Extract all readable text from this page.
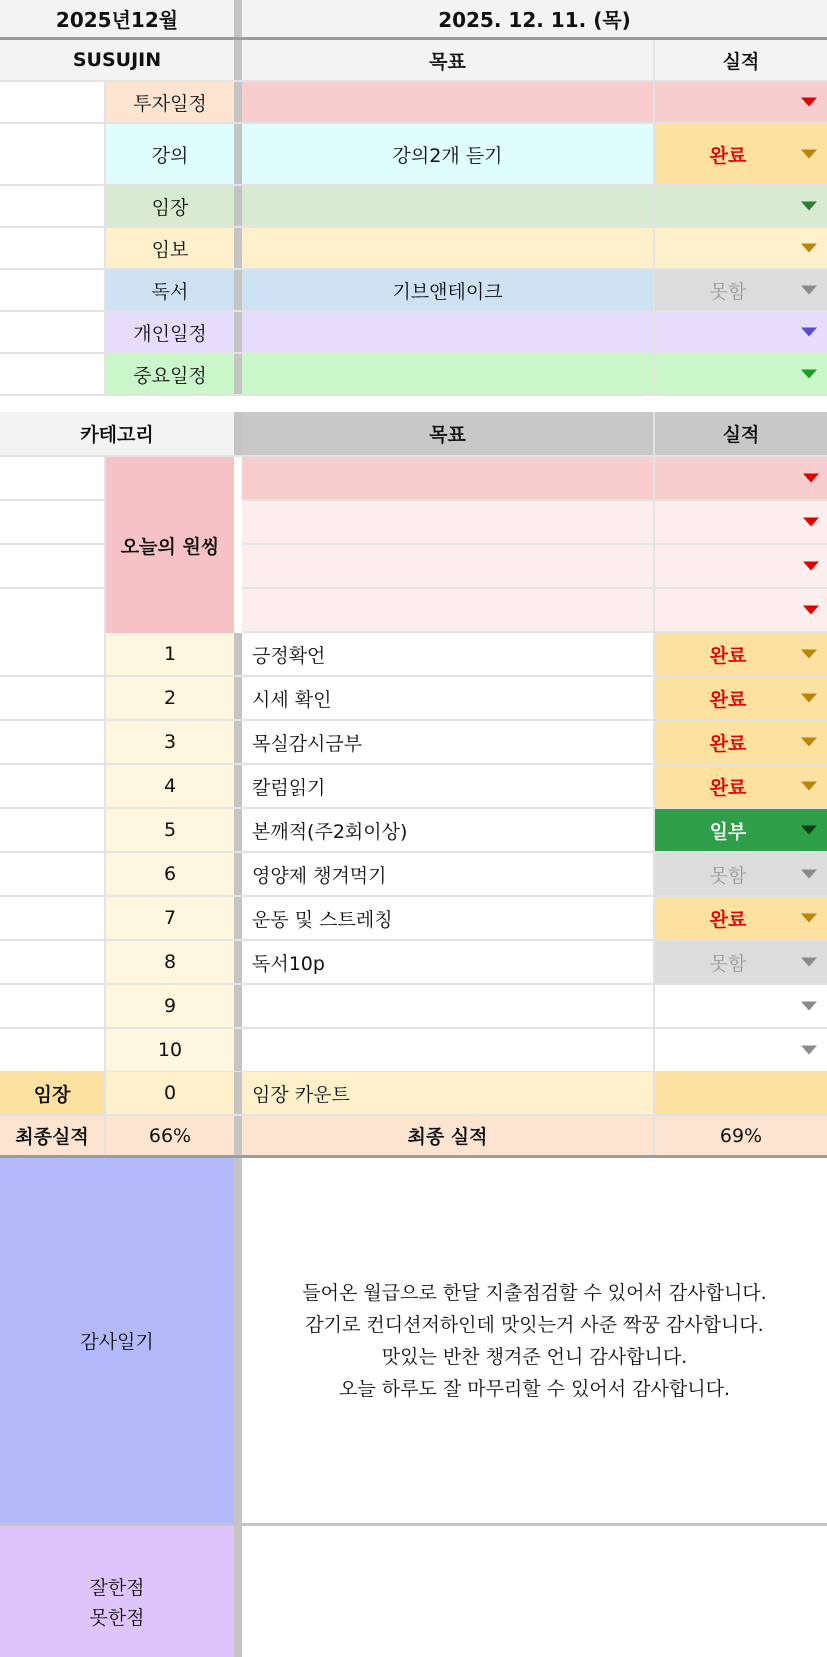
2025년12월	2025. 12. 11. (목)
SUSUJIN	목표	실적
투자일정
강의	강의2개 듣기	완료
임장
임보
독서	기브앤테이크	못함
개인일정
중요일정
카테고리	목표	실적
오늘의 원씽
1	긍정확언	완료
2	시세 확인	완료
3	목실감시금부	완료
4	칼럼읽기	완료
5	본깨적(주2회이상)	일부
6	영양제 챙겨먹기	못함
7	운동 및 스트레칭	완료
8	독서10p	못함
9
10
임장	0	임장 카운트
최종실적	66%	최종 실적	69%
감사일기
들어온 월급으로 한달 지출점검할 수 있어서 감사합니다.
감기로 컨디션저하인데 맛잇는거 사준 짝꿍 감사합니다.
맛있는 반찬 챙겨준 언니 감사합니다.
오늘 하루도 잘 마무리할 수 있어서 감사합니다.
잘한점
못한점
